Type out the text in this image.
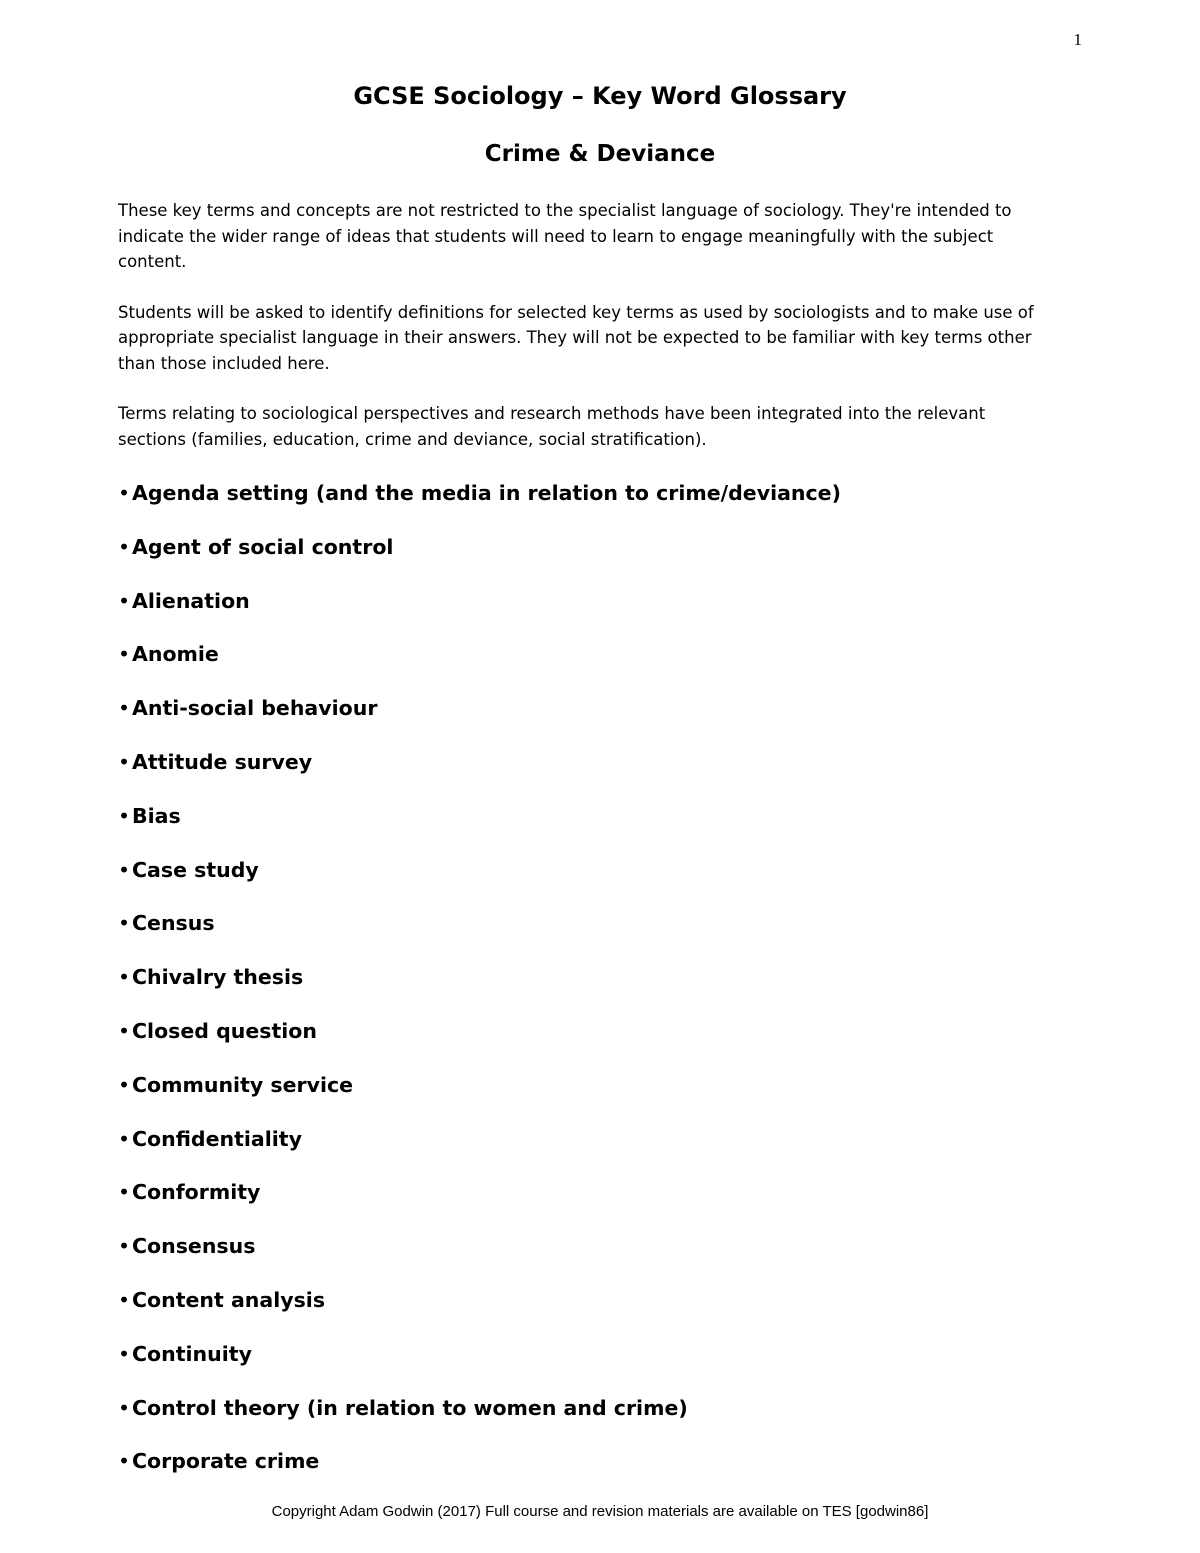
1
GCSE Sociology – Key Word Glossary
Crime & Deviance

These key terms and concepts are not restricted to the specialist language of sociology. They're intended to indicate the wider range of ideas that students will need to learn to engage meaningfully with the subject content.

Students will be asked to identify definitions for selected key terms as used by sociologists and to make use of appropriate specialist language in their answers. They will not be expected to be familiar with key terms other than those included here.

Terms relating to sociological perspectives and research methods have been integrated into the relevant sections (families, education, crime and deviance, social stratification).

•Agenda setting (and the media in relation to crime/deviance)
•Agent of social control
•Alienation
•Anomie
•Anti-social behaviour
•Attitude survey
•Bias
•Case study
•Census
•Chivalry thesis
•Closed question
•Community service
•Confidentiality
•Conformity
•Consensus
•Content analysis
•Continuity
•Control theory (in relation to women and crime)
•Corporate crime
Copyright Adam Godwin (2017) Full course and revision materials are available on TES [godwin86]
